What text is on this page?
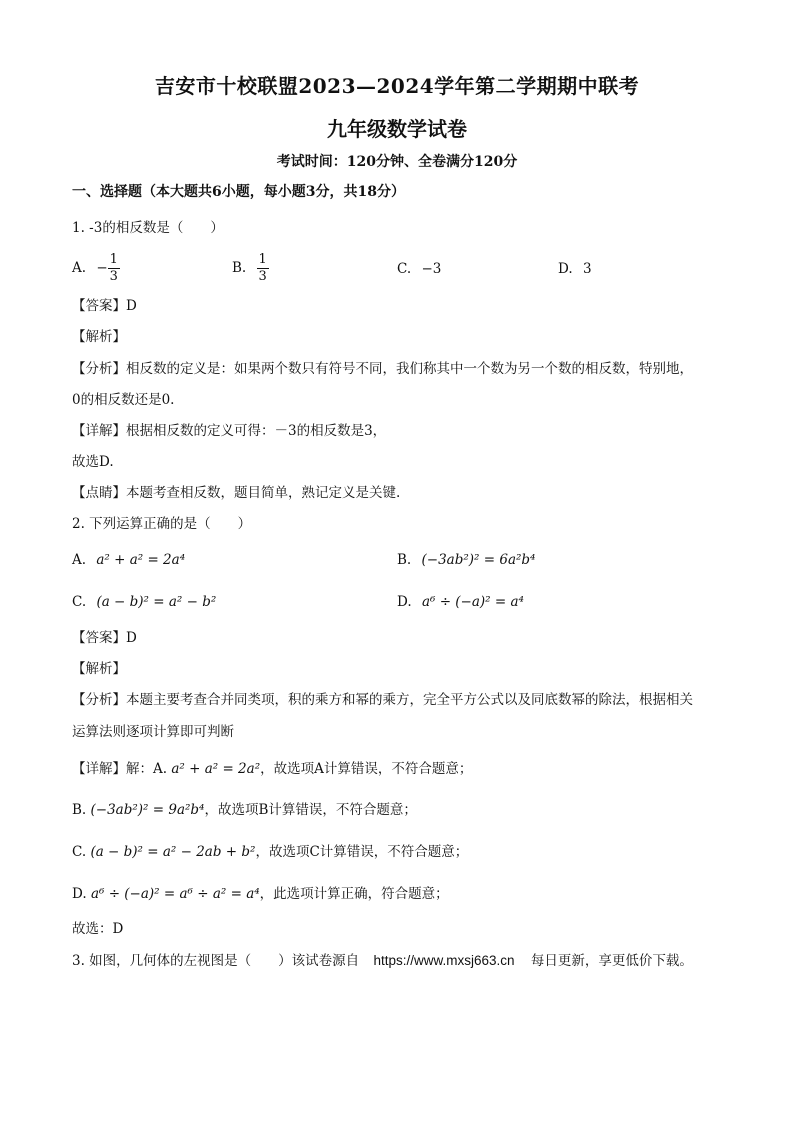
吉安市十校联盟2023—2024学年第二学期期中联考
九年级数学试卷
考试时间：120分钟、全卷满分120分
一、选择题（本大题共6小题，每小题3分，共18分）
1. -3的相反数是（　　）
A. − $\frac{1}{3}$	B. $\frac{1}{3}$	C. −3	D. 3
【答案】D
【解析】
【分析】相反数的定义是：如果两个数只有符号不同，我们称其中一个数为另一个数的相反数，特别地，
0的相反数还是0.
【详解】根据相反数的定义可得：－3的相反数是3，
故选D.
【点睛】本题考查相反数，题目简单，熟记定义是关键.
2. 下列运算正确的是（　　）
A. a² + a² = 2a⁴	B. (−3ab²)² = 6a²b⁴
C. (a − b)² = a² − b²	D. a⁶ ÷ (−a)² = a⁴
【答案】D
【解析】
【分析】本题主要考查合并同类项，积的乘方和幂的乘方，完全平方公式以及同底数幂的除法，根据相关
运算法则逐项计算即可判断
【详解】解：A. a² + a² = 2a²，故选项A计算错误，不符合题意；
B. (−3ab²)² = 9a²b⁴，故选项B计算错误，不符合题意；
C. (a − b)² = a² − 2ab + b²，故选项C计算错误，不符合题意；
D. a⁶ ÷ (−a)² = a⁶ ÷ a² = a⁴，此选项计算正确，符合题意；
故选：D
3. 如图，几何体的左视图是（　　）该试卷源自 https://www.mxsj663.cn 每日更新，享更低价下载。
